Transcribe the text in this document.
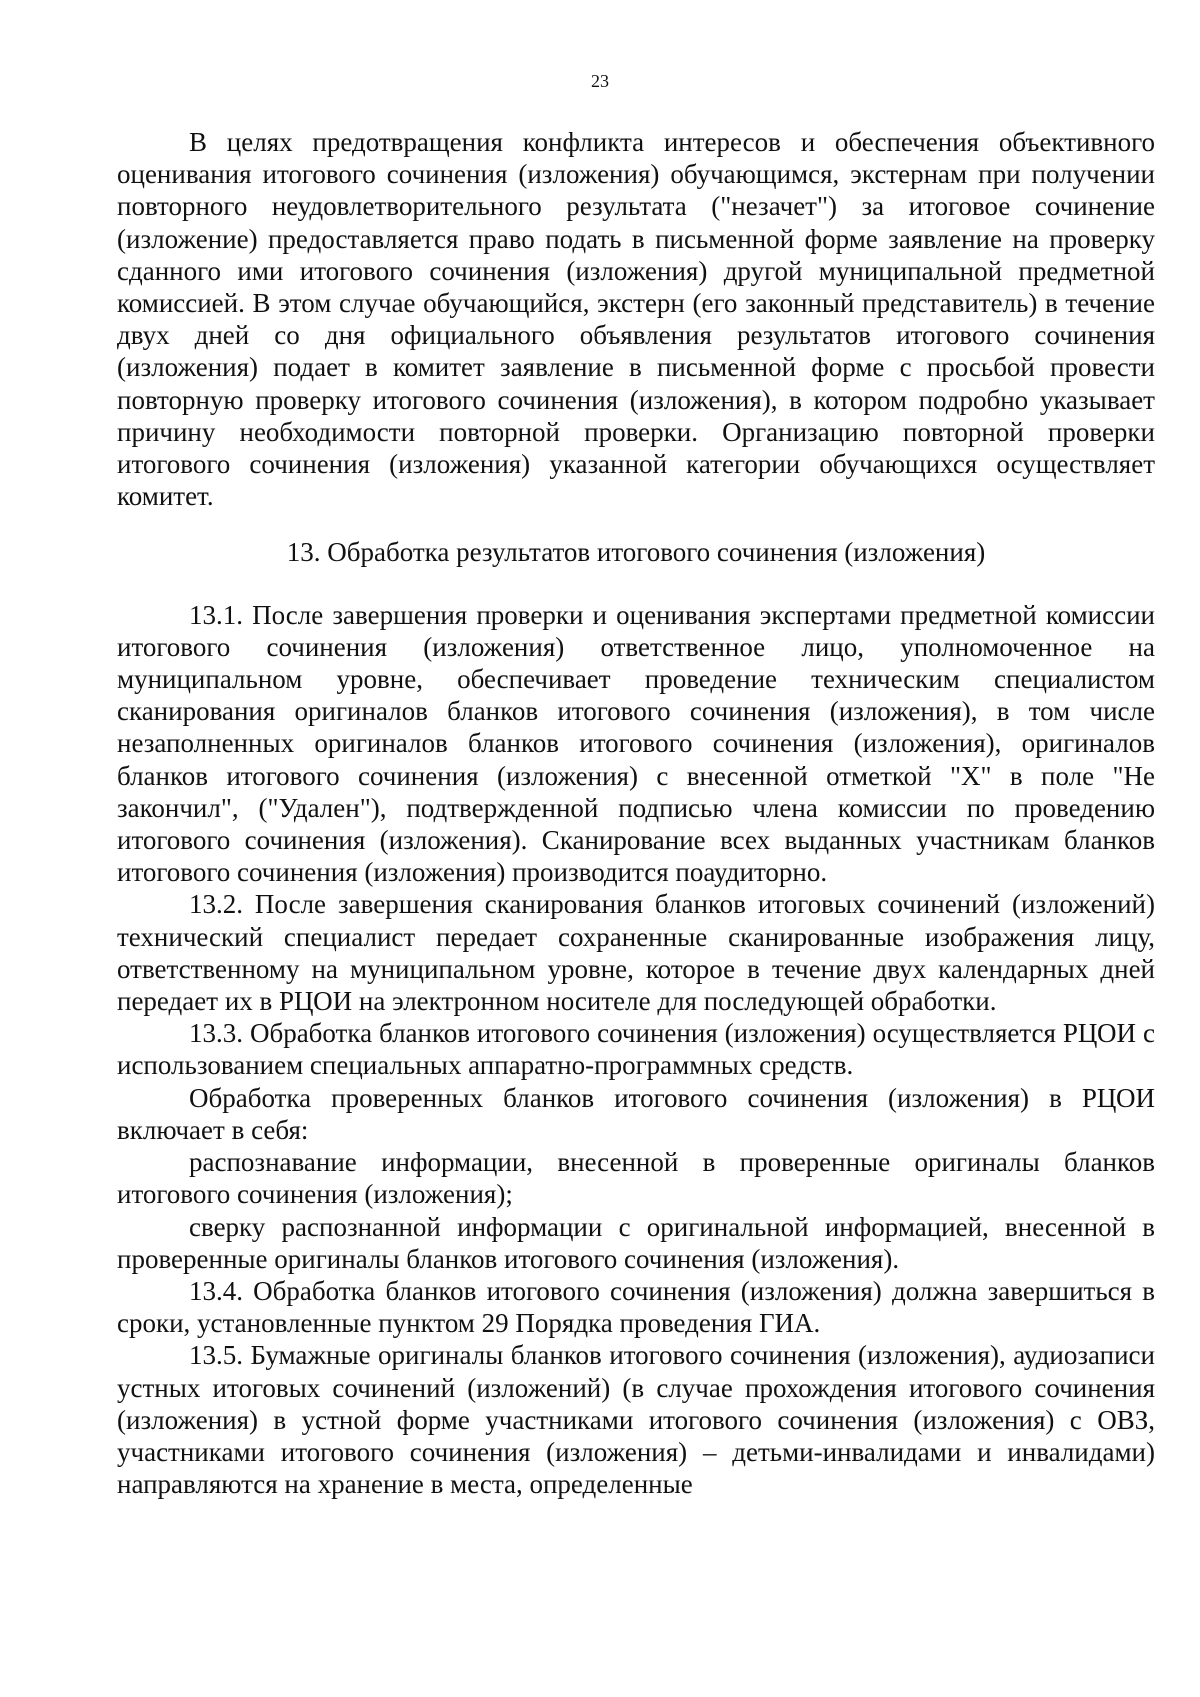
23

В целях предотвращения конфликта интересов и обеспечения объективного оценивания итогового сочинения (изложения) обучающимся, экстернам при получении повторного неудовлетворительного результата ("незачет") за итоговое сочинение (изложение) предоставляется право подать в письменной форме заявление на проверку сданного ими итогового сочинения (изложения) другой муниципальной предметной комиссией. В этом случае обучающийся, экстерн (его законный представитель) в течение двух дней со дня официального объявления результатов итогового сочинения (изложения) подает в комитет заявление в письменной форме с просьбой провести повторную проверку итогового сочинения (изложения), в котором подробно указывает причину необходимости повторной проверки. Организацию повторной проверки итогового сочинения (изложения) указанной категории обучающихся осуществляет комитет.

13. Обработка результатов итогового сочинения (изложения)

13.1. После завершения проверки и оценивания экспертами предметной комиссии итогового сочинения (изложения) ответственное лицо, уполномоченное на муниципальном уровне, обеспечивает проведение техническим специалистом сканирования оригиналов бланков итогового сочинения (изложения), в том числе незаполненных оригиналов бланков итогового сочинения (изложения), оригиналов бланков итогового сочинения (изложения) с внесенной отметкой "X" в поле "Не закончил", ("Удален"), подтвержденной подписью члена комиссии по проведению итогового сочинения (изложения). Сканирование всех выданных участникам бланков итогового сочинения (изложения) производится поаудиторно.

13.2. После завершения сканирования бланков итоговых сочинений (изложений) технический специалист передает сохраненные сканированные изображения лицу, ответственному на муниципальном уровне, которое в течение двух календарных дней передает их в РЦОИ на электронном носителе для последующей обработки.

13.3. Обработка бланков итогового сочинения (изложения) осуществляется РЦОИ с использованием специальных аппаратно-программных средств.

Обработка проверенных бланков итогового сочинения (изложения) в РЦОИ включает в себя:

распознавание информации, внесенной в проверенные оригиналы бланков итогового сочинения (изложения);

сверку распознанной информации с оригинальной информацией, внесенной в проверенные оригиналы бланков итогового сочинения (изложения).

13.4. Обработка бланков итогового сочинения (изложения) должна завершиться в сроки, установленные пунктом 29 Порядка проведения ГИА.

13.5. Бумажные оригиналы бланков итогового сочинения (изложения), аудиозаписи устных итоговых сочинений (изложений) (в случае прохождения итогового сочинения (изложения) в устной форме участниками итогового сочинения (изложения) с ОВЗ, участниками итогового сочинения (изложения) – детьми-инвалидами и инвалидами) направляются на хранение в места, определенные
